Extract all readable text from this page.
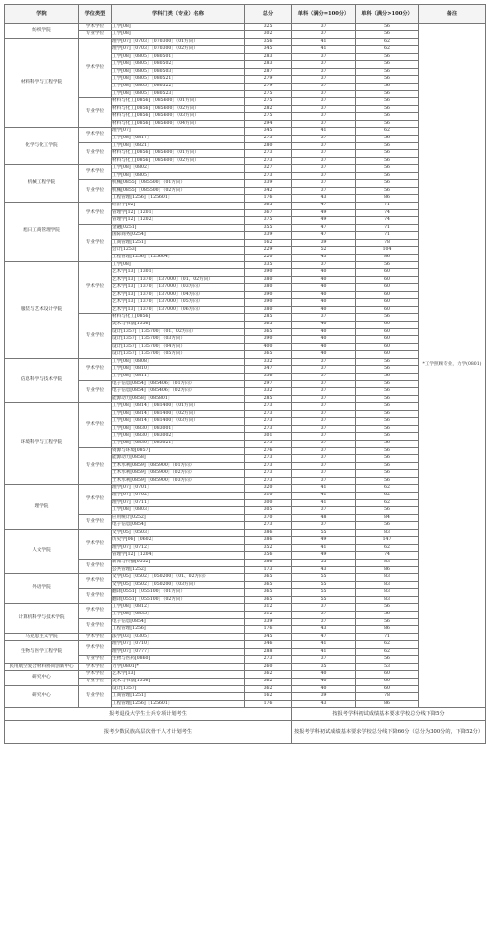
学院	学位类型	学科门类（专业）名称	总分	单科（满分=100分）	单科（满分>100分）	备注
纺织学院	学术学位	工学[08]	325	37	56	*工学照顾专业，力学(0801)
	专业学位	工学[08]	302	37	56	
材料科学与工程学院	学术学位	理学[07]［0703］［070300］（01方向）	356	41	62	
		理学[07]［0703］［070300］（02方向）	345	41	62	
		工学[08]［0805］［080501］	283	37	56	
		工学[08]［0805］［080502］	283	37	56	
		工学[08]［0805］［080503］	287	37	56	
		工学[08]［0805］［080521］	279	37	56	
		工学[08]［0805］［080522］	279	37	56	
		工学[08]［0805］［080523］	275	37	56	
	专业学位	材料与化工[0856]［085600］（01方向）	275	37	56	
		材料与化工[0856]［085600］（02方向）	282	37	56	
		材料与化工[0856]［085600］（03方向）	275	37	56	
		材料与化工[0856]［085600］（04方向）	294	37	56	
化学与化工学院	学术学位	理学[07]	345	41	62	
		工学[08]［0817］	273	37	56	
	专业学位	工学[08]［0821］	280	37	56	
		材料与化工[0856]［085600］（01方向）	273	37	56	
		材料与化工[0856]［085600］（02方向）	273	37	56	
机械工程学院	学术学位	工学[08]［0802］	327	37	56	
		工学[08]［0805］	273	37	56	
	专业学位	机械[0855]［085500］（01方向）	339	37	56	
		机械[0855]［085500］（02方向）	342	37	56	
		工程管理[1256]［125601］	176	43	86	
旭日工商管理学院	学术学位	经济学[02]	365	47	71	
		管理学[12]［1201］	367	49	74	
		管理学[12]［1202］	375	49	74	
	专业学位	金融[0251]	355	47	71	
		国际商务[0254]	339	47	71	
		工商管理[1251]	162	39	78	
		会计[1253]	229	52	104	
		工程管理[1256]［125604］	220	43	86	
服装与艺术设计学院	学术学位	工学[08]	335	37	56	
		艺术学[13]［1301］	390	40	60	
		艺术学[13]［1370］［137000］（01、02方向）	380	40	60	
		艺术学[13]［1370］［137000］（03方向）	380	40	60	
		艺术学[13]［1370］［137000］（04方向）	390	40	60	
		艺术学[13]［1370］［137000］（05方向）	390	40	60	
		艺术学[13]［1370］［137000］（06方向）	380	40	60	
	专业学位	材料与化工[0856]	285	37	56	
		美术与书法[1356]	365	40	60	
		设计[1357]［135700］（01、02方向）	365	40	60	
		设计[1357]［135700］（03方向）	390	40	60	
		设计[1357]［135700］（04方向）	400	40	60	
		设计[1357]［135700］（05方向）	365	40	60	
信息科学与技术学院	学术学位	工学[08]［0808］	332	37	56	
		工学[08]［0810］	347	37	56	
		工学[08]［0811］	336	37	56	
	专业学位	电子信息[0854]［085406］（01方向）	297	37	56	
		电子信息[0854]［085406］（02方向）	332	37	56	
		能源动力[0858]［085801］	285	37	56	
环境科学与工程学院	学术学位	工学[08]［0814］［081400］（01方向）	273	37	56	
		工学[08]［0814］［081400］（02方向）	273	37	56	
		工学[08]［0814］［081400］（03方向）	273	37	56	
		工学[08]［0830］［083001］	273	37	56	
		工学[08]［0830］［083002］	301	37	56	
		工学[08]［0830］［083021］	273	37	56	
	专业学位	资源与环境[0857]	276	37	56	
		能源动力[0858]	273	37	56	
		土木水利[0859]［085900］（01方向）	273	37	56	
		土木水利[0859]［085900］（02方向）	273	37	56	
		土木水利[0859]［085900］（03方向）	273	37	56	
理学院	学术学位	理学[07]［0701］	320	41	62	
		理学[07]［0702］	310	41	62	
		理学[07]［0711］	300	41	62	
		工学[08]［0803］	305	37	56	
	专业学位	应用统计[0252]	370	48	84	
		电子信息[0854]	273	37	56	
人文学院	学术学位	文学[05]［0503］	386	55	83	
		历史学[06]［0602］	386	49	147	
		理学[07]［0712］	352	41	62	
		管理学[12]［1204］	356	49	74	
	专业学位	新闻与传播[0552]	386	55	83	
		公共管理[1252]	173	43	86	
外语学院	学术学位	文学[05]［0502］［050200］（01、02方向）	365	55	83	
		文学[05]［0502］［050200］（03方向）	365	55	83	
	专业学位	翻译[0551]［055100］（01方向）	365	55	83	
		翻译[0551]［055100］（02方向）	365	55	83	
计算机科学与技术学院	学术学位	工学[08]［0812］	312	37	56	
		工学[08]［0835］	312	37	56	
	专业学位	电子信息[0854]	339	37	56	
		工程管理[1256]	176	43	86	
马克思主义学院	学术学位	法学[03]［0305］	345	47	71	
生物与医学工程学院	学术学位	理学[07]［0710］	346	41	62	
		理学[07]［0777］	288	41	62	
	专业学位	生物与医药[0860]	273	37	56	
民用航空复合材料协同创新中心	学术学位	力学[0801]*	260	35	53	
研究中心	学术学位	艺术学[13]	362	40	60	
	专业学位	美术与书法[1356]	362	40	60	
研究中心	专业学位	设计[1357]	362	40	60	
		工商管理[1251]	162	39	78	
		工程管理[1256]［125601］	176	43	86	
报考退役大学生士兵专项计划考生				按报考学科初试成绩基本要求学校总分线下降5分		
报考少数民族高层次骨干人才计划考生				按报考学科初试成绩基本要求学校总分线下降66分（总分为300分的，下降52分）		
